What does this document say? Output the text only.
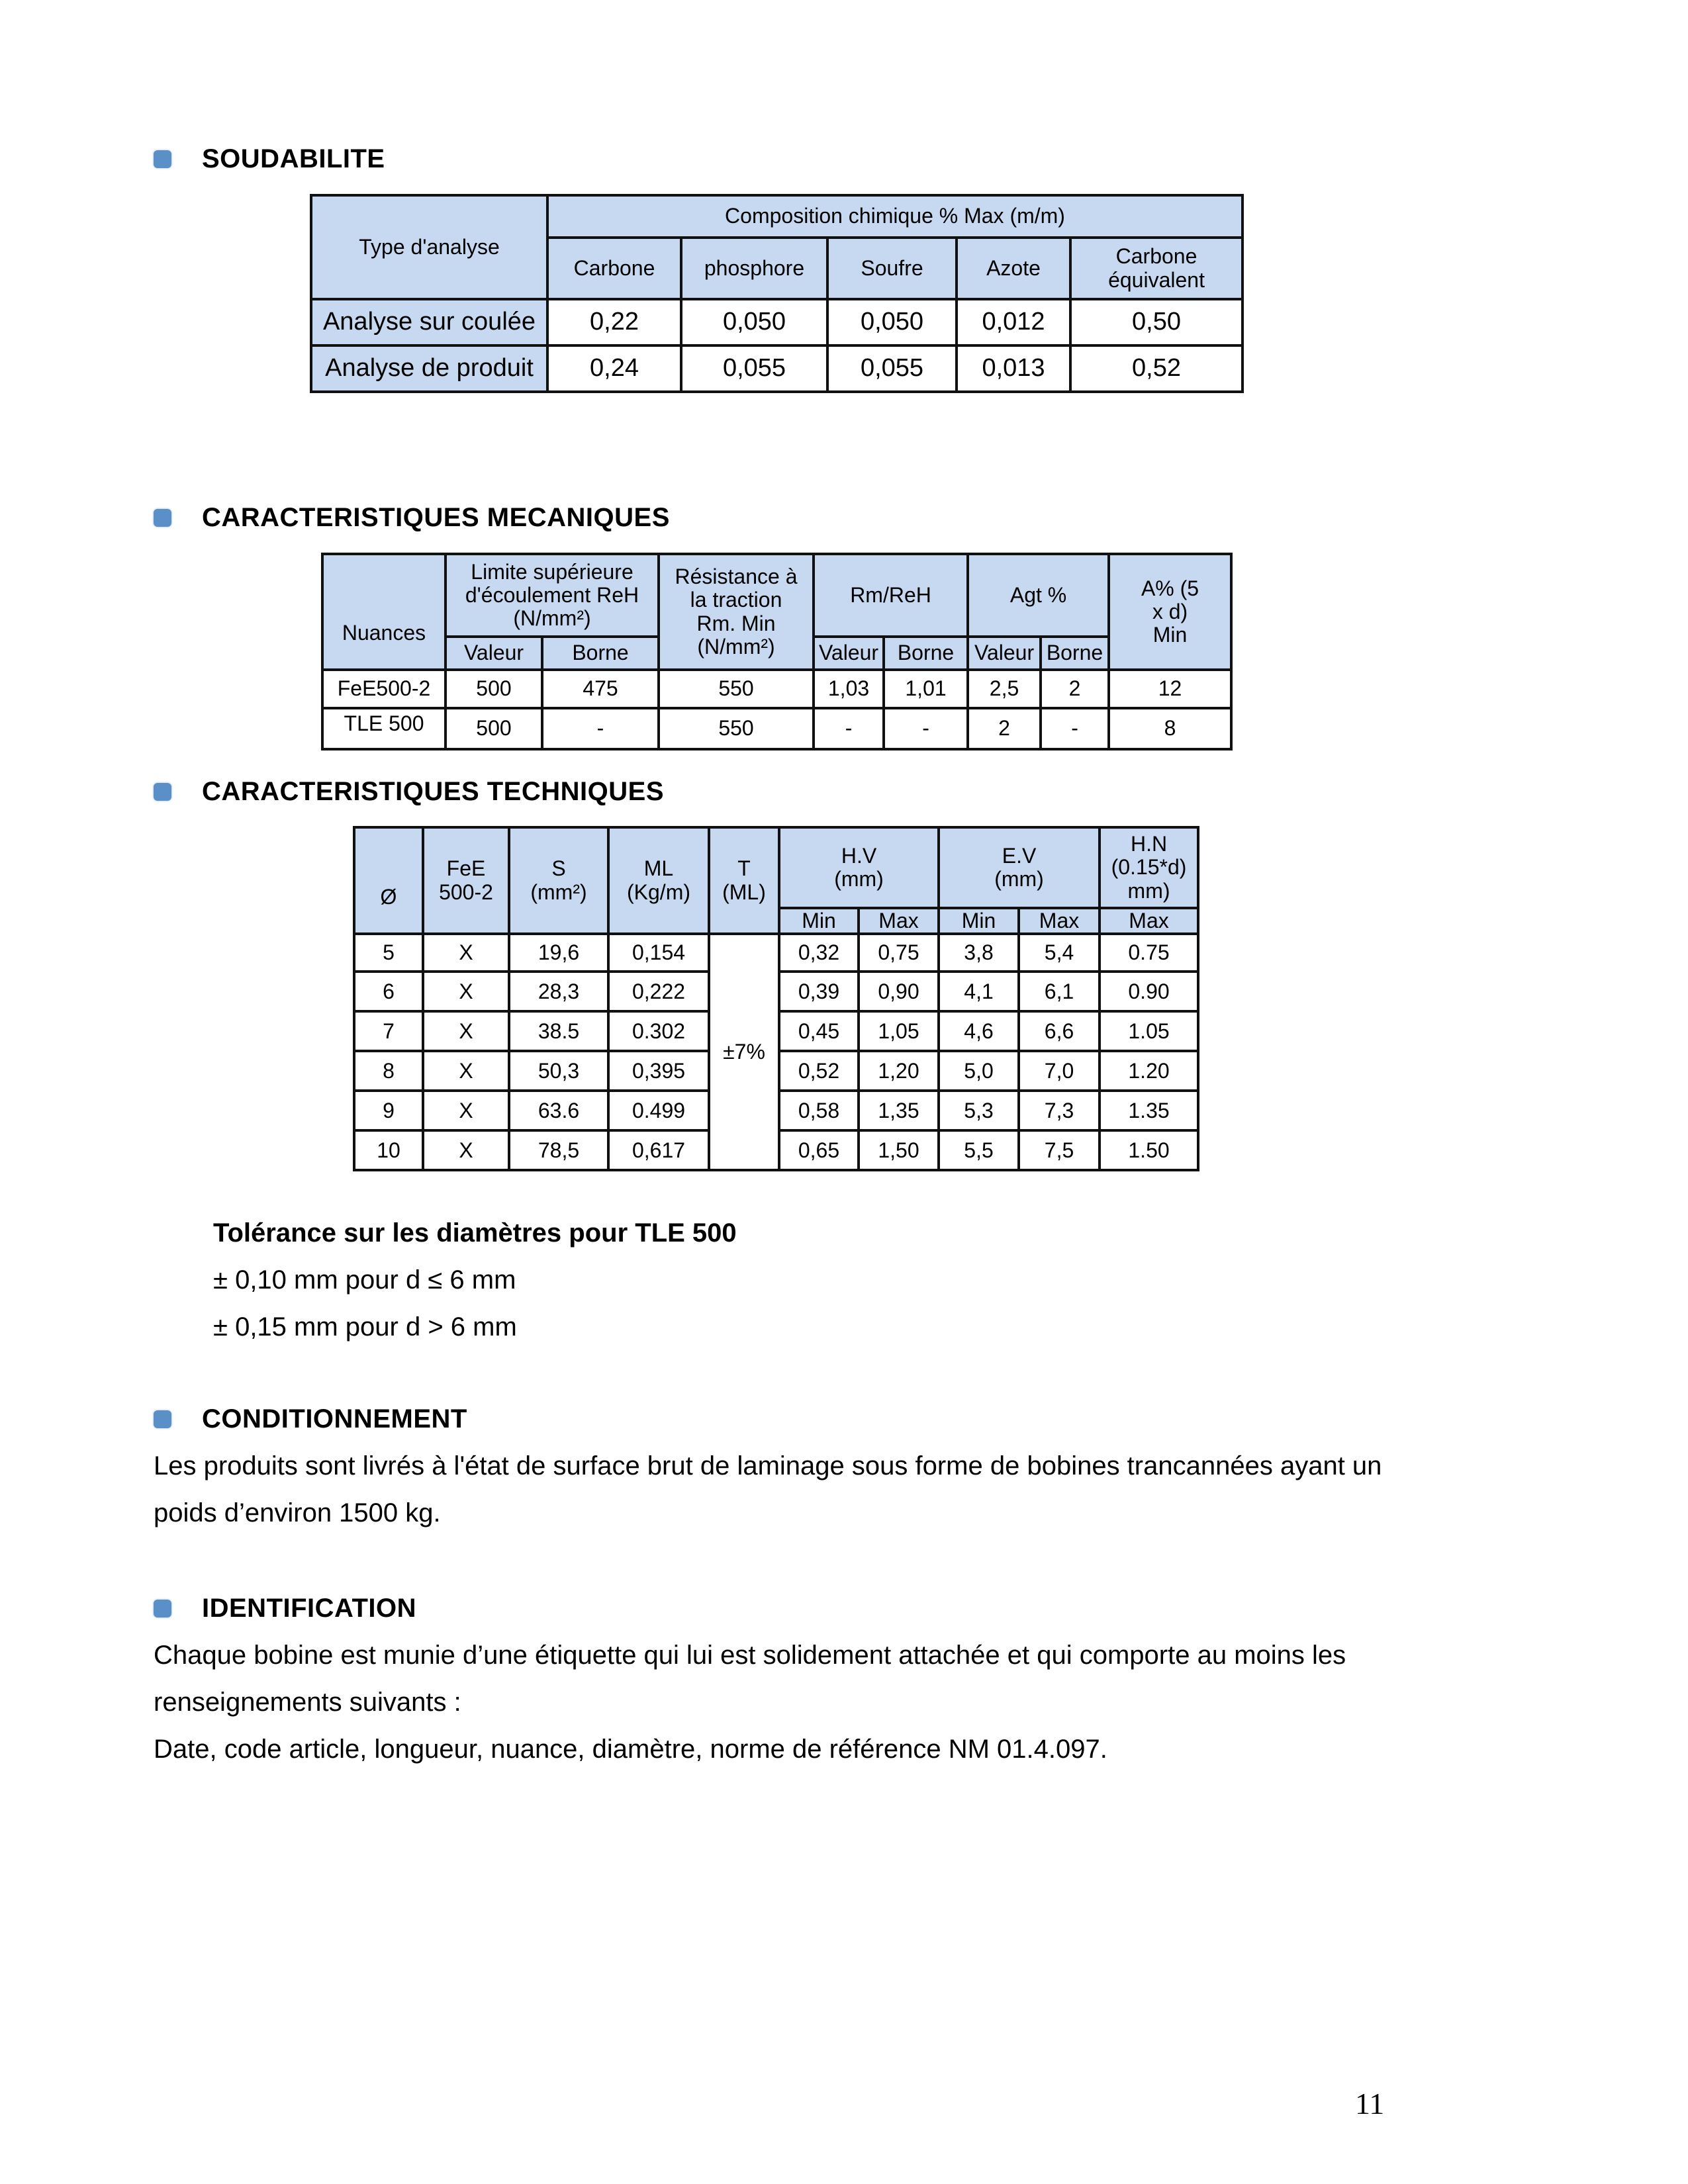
SOUDABILITE
Type d'analyse	Composition chimique % Max (m/m)				
	Carbone	phosphore	Soufre	Azote	Carbone équivalent
Analyse sur coulée	0,22	0,050	0,050	0,012	0,50
Analyse de produit	0,24	0,055	0,055	0,013	0,52
CARACTERISTIQUES MECANIQUES
Nuances	Limite supérieure d'écoulement ReH (N/mm²)		Résistance à la traction Rm. Min (N/mm²)	Rm/ReH		Agt %		A% (5 x d) Min
	Valeur	Borne		Valeur	Borne	Valeur	Borne	
FeE500-2	500	475	550	1,03	1,01	2,5	2	12
TLE 500	500	-	550	-	-	2	-	8
CARACTERISTIQUES TECHNIQUES
Ø	FeE 500-2	S (mm²)	ML (Kg/m)	T (ML)	H.V (mm)		E.V (mm)		H.N (0.15*d) mm)
					Min	Max	Min	Max	Max
5	X	19,6	0,154	±7%	0,32	0,75	3,8	5,4	0.75
6	X	28,3	0,222		0,39	0,90	4,1	6,1	0.90
7	X	38.5	0.302		0,45	1,05	4,6	6,6	1.05
8	X	50,3	0,395		0,52	1,20	5,0	7,0	1.20
9	X	63.6	0.499		0,58	1,35	5,3	7,3	1.35
10	X	78,5	0,617		0,65	1,50	5,5	7,5	1.50
Tolérance sur les diamètres pour TLE 500
± 0,10 mm pour d ≤ 6 mm
± 0,15 mm pour d > 6 mm
CONDITIONNEMENT
Les produits sont livrés à l'état de surface brut de laminage sous forme de bobines trancannées ayant un poids d’environ 1500 kg.
IDENTIFICATION
Chaque bobine est munie d’une étiquette qui lui est solidement attachée et qui comporte au moins les renseignements suivants :
Date, code article, longueur, nuance, diamètre, norme de référence NM 01.4.097.
11
